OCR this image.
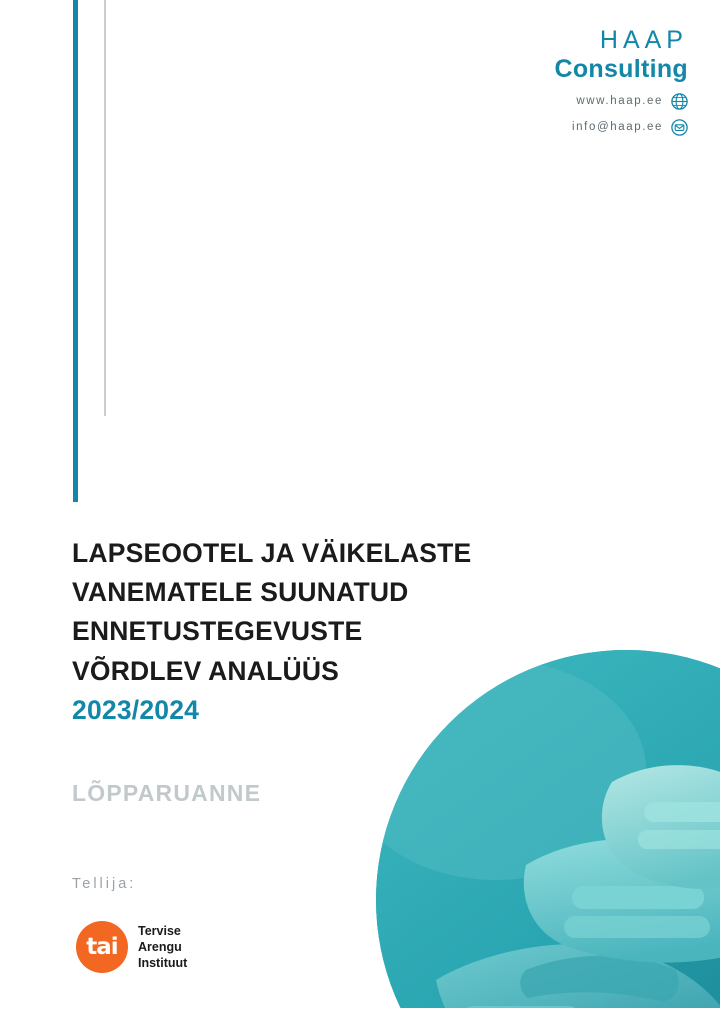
HAAP
Consulting
www.haap.ee
info@haap.ee
LAPSEOOTEL JA VÄIKELASTE
VANEMATELE SUUNATUD
ENNETUSTEGEVUSTE
VÕRDLEV ANALÜÜS
2023/2024
LÕPPARUANNE
Tellija:
tai
Tervise
Arengu
Instituut
